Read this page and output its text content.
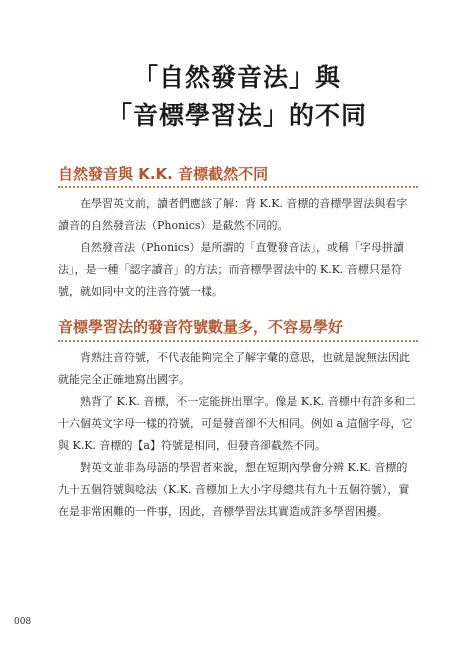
「自然發音法」與
「音標學習法」的不同
自然發音與 K.K. 音標截然不同

在學習英文前，讀者們應該了解：背 K.K. 音標的音標學習法與看字讀音的自然發音法（Phonics）是截然不同的。

自然發音法（Phonics）是所謂的「直覺發音法」，或稱「字母拼讀法」，是一種「認字讀音」的方法；而音標學習法中的 K.K. 音標只是符號，就如同中文的注音符號一樣。

音標學習法的發音符號數量多，不容易學好

背熟注音符號，不代表能夠完全了解字彙的意思，也就是說無法因此就能完全正確地寫出國字。

熟背了 K.K. 音標，不一定能拼出單字。像是 K.K. 音標中有許多和二十六個英文字母一樣的符號，可是發音卻不大相同。例如 a 這個字母，它與 K.K. 音標的【a】符號是相同，但發音卻截然不同。

對英文並非為母語的學習者來說，想在短期內學會分辨 K.K. 音標的九十五個符號與唸法（K.K. 音標加上大小字母總共有九十五個符號），實在是非常困難的一件事，因此，音標學習法其實造成許多學習困擾。

008
